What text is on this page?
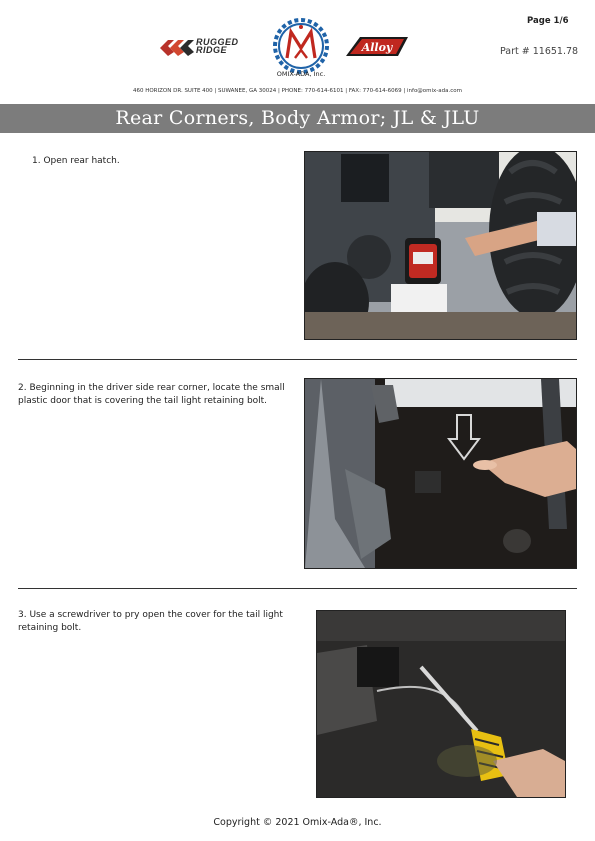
Page 1/6
Part # 11651.78
RUGGED
RIDGE
OMIX-ADA, Inc.
Alloy
460 HORIZON DR. SUITE 400 | SUWANEE, GA 30024 | PHONE: 770-614-6101 | FAX: 770-614-6069 | info@omix-ada.com
Rear Corners, Body Armor; JL & JLU
1. Open rear hatch.
2. Beginning in the driver side rear corner, locate the small plastic door that is covering the tail light retaining bolt.
3. Use a screwdriver to pry open the cover for the tail light retaining bolt.
Copyright © 2021 Omix-Ada®, Inc.
